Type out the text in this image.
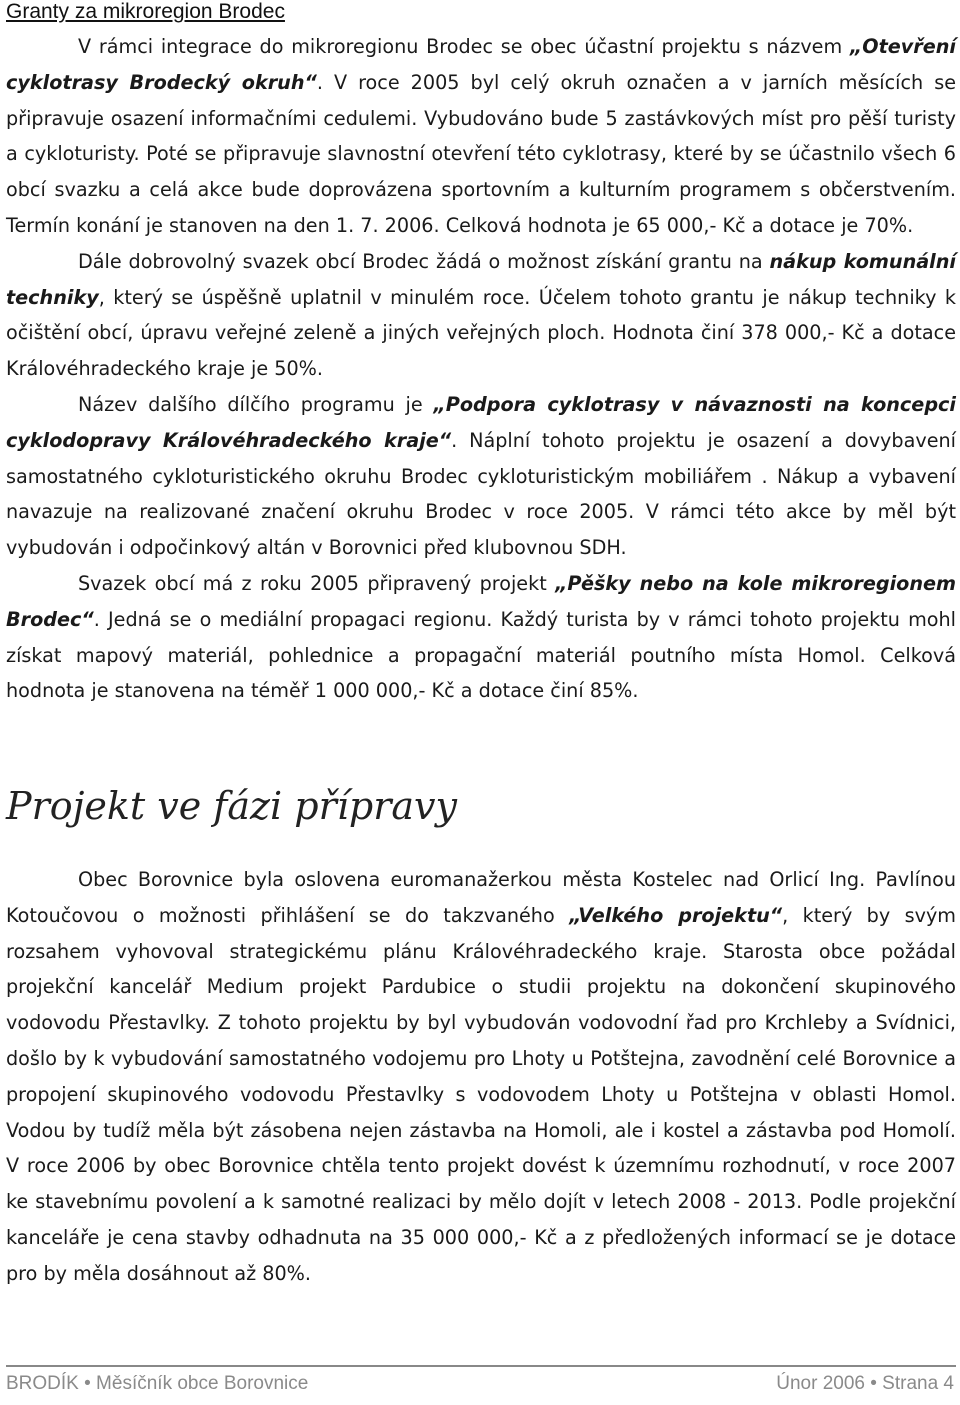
Granty za mikroregion Brodec

V rámci integrace do mikroregionu Brodec se obec účastní projektu s názvem „Otevření cyklotrasy Brodecký okruh“. V roce 2005 byl celý okruh označen a v jarních měsících se připravuje osazení informačními cedulemi. Vybudováno bude 5 zastávkových míst pro pěší turisty a cykloturisty. Poté se připravuje slavnostní otevření této cyklotrasy, které by se účastnilo všech 6 obcí svazku a celá akce bude doprovázena sportovním a kulturním programem s občerstvením. Termín konání je stanoven na den 1. 7. 2006. Celková hodnota je 65 000,- Kč a dotace je 70%.

Dále dobrovolný svazek obcí Brodec žádá o možnost získání grantu na nákup komunální techniky, který se úspěšně uplatnil v minulém roce. Účelem tohoto grantu je nákup techniky k očištění obcí, úpravu veřejné zeleně a jiných veřejných ploch. Hodnota činí 378 000,- Kč a dotace Královéhradeckého kraje je 50%.

Název dalšího dílčího programu je „Podpora cyklotrasy v návaznosti na koncepci cyklodopravy Královéhradeckého kraje“. Náplní tohoto projektu je osazení a dovybavení samostatného cykloturistického okruhu Brodec cykloturistickým mobiliářem . Nákup a vybavení navazuje na realizované značení okruhu Brodec v roce 2005. V rámci této akce by měl být vybudován i odpočinkový altán v Borovnici před klubovnou SDH.

Svazek obcí má z roku 2005 připravený projekt „Pěšky nebo na kole mikroregionem Brodec“. Jedná se o mediální propagaci regionu. Každý turista by v rámci tohoto projektu mohl získat mapový materiál, pohlednice a propagační materiál poutního místa Homol. Celková hodnota je stanovena na téměř 1 000 000,- Kč a dotace činí 85%.

Projekt ve fázi přípravy

Obec Borovnice byla oslovena euromanažerkou města Kostelec nad Orlicí Ing. Pavlínou Kotoučovou o možnosti přihlášení se do takzvaného „Velkého projektu“, který by svým rozsahem vyhovoval strategickému plánu Královéhradeckého kraje. Starosta obce požádal projekční kancelář Medium projekt Pardubice o studii projektu na dokončení skupinového vodovodu Přestavlky. Z tohoto projektu by byl vybudován vodovodní řad pro Krchleby a Svídnici, došlo by k vybudování samostatného vodojemu pro Lhoty u Potštejna, zavodnění celé Borovnice a propojení skupinového vodovodu Přestavlky s vodovodem Lhoty u Potštejna v oblasti Homol. Vodou by tudíž měla být zásobena nejen zástavba na Homoli, ale i kostel a zástavba pod Homolí. V roce 2006 by obec Borovnice chtěla tento projekt dovést k územnímu rozhodnutí, v roce 2007 ke stavebnímu povolení a k samotné realizaci by mělo dojít v letech 2008 - 2013. Podle projekční kanceláře je cena stavby odhadnuta na 35 000 000,- Kč a z předložených informací se je dotace pro by měla dosáhnout až 80%.

BRODÍK • Měsíčník obce Borovnice	Únor 2006 • Strana 4
